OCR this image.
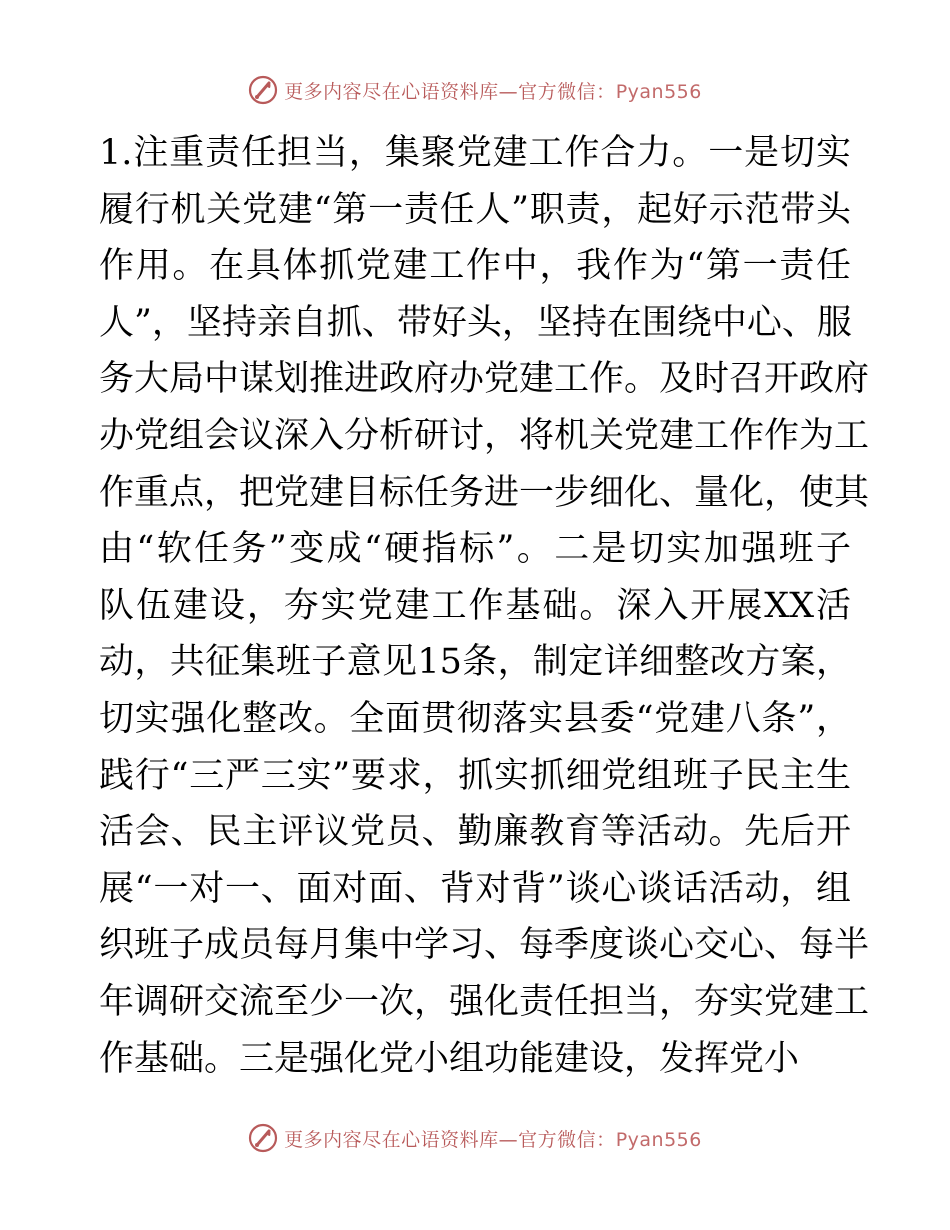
更多内容尽在心语资料库—官方微信：Pyan556
1.注重责任担当，集聚党建工作合力。一是切实
履行机关党建“第一责任人”职责，起好示范带头
作用。在具体抓党建工作中，我作为“第一责任
人”，坚持亲自抓、带好头，坚持在围绕中心、服
务大局中谋划推进政府办党建工作。及时召开政府
办党组会议深入分析研讨，将机关党建工作作为工
作重点，把党建目标任务进一步细化、量化，使其
由“软任务”变成“硬指标”。二是切实加强班子
队伍建设，夯实党建工作基础。深入开展XX活
动，共征集班子意见15条，制定详细整改方案，
切实强化整改。全面贯彻落实县委“党建八条”，
践行“三严三实”要求，抓实抓细党组班子民主生
活会、民主评议党员、勤廉教育等活动。先后开
展“一对一、面对面、背对背”谈心谈话活动，组
织班子成员每月集中学习、每季度谈心交心、每半
年调研交流至少一次，强化责任担当，夯实党建工
作基础。三是强化党小组功能建设，发挥党小
更多内容尽在心语资料库—官方微信：Pyan556
